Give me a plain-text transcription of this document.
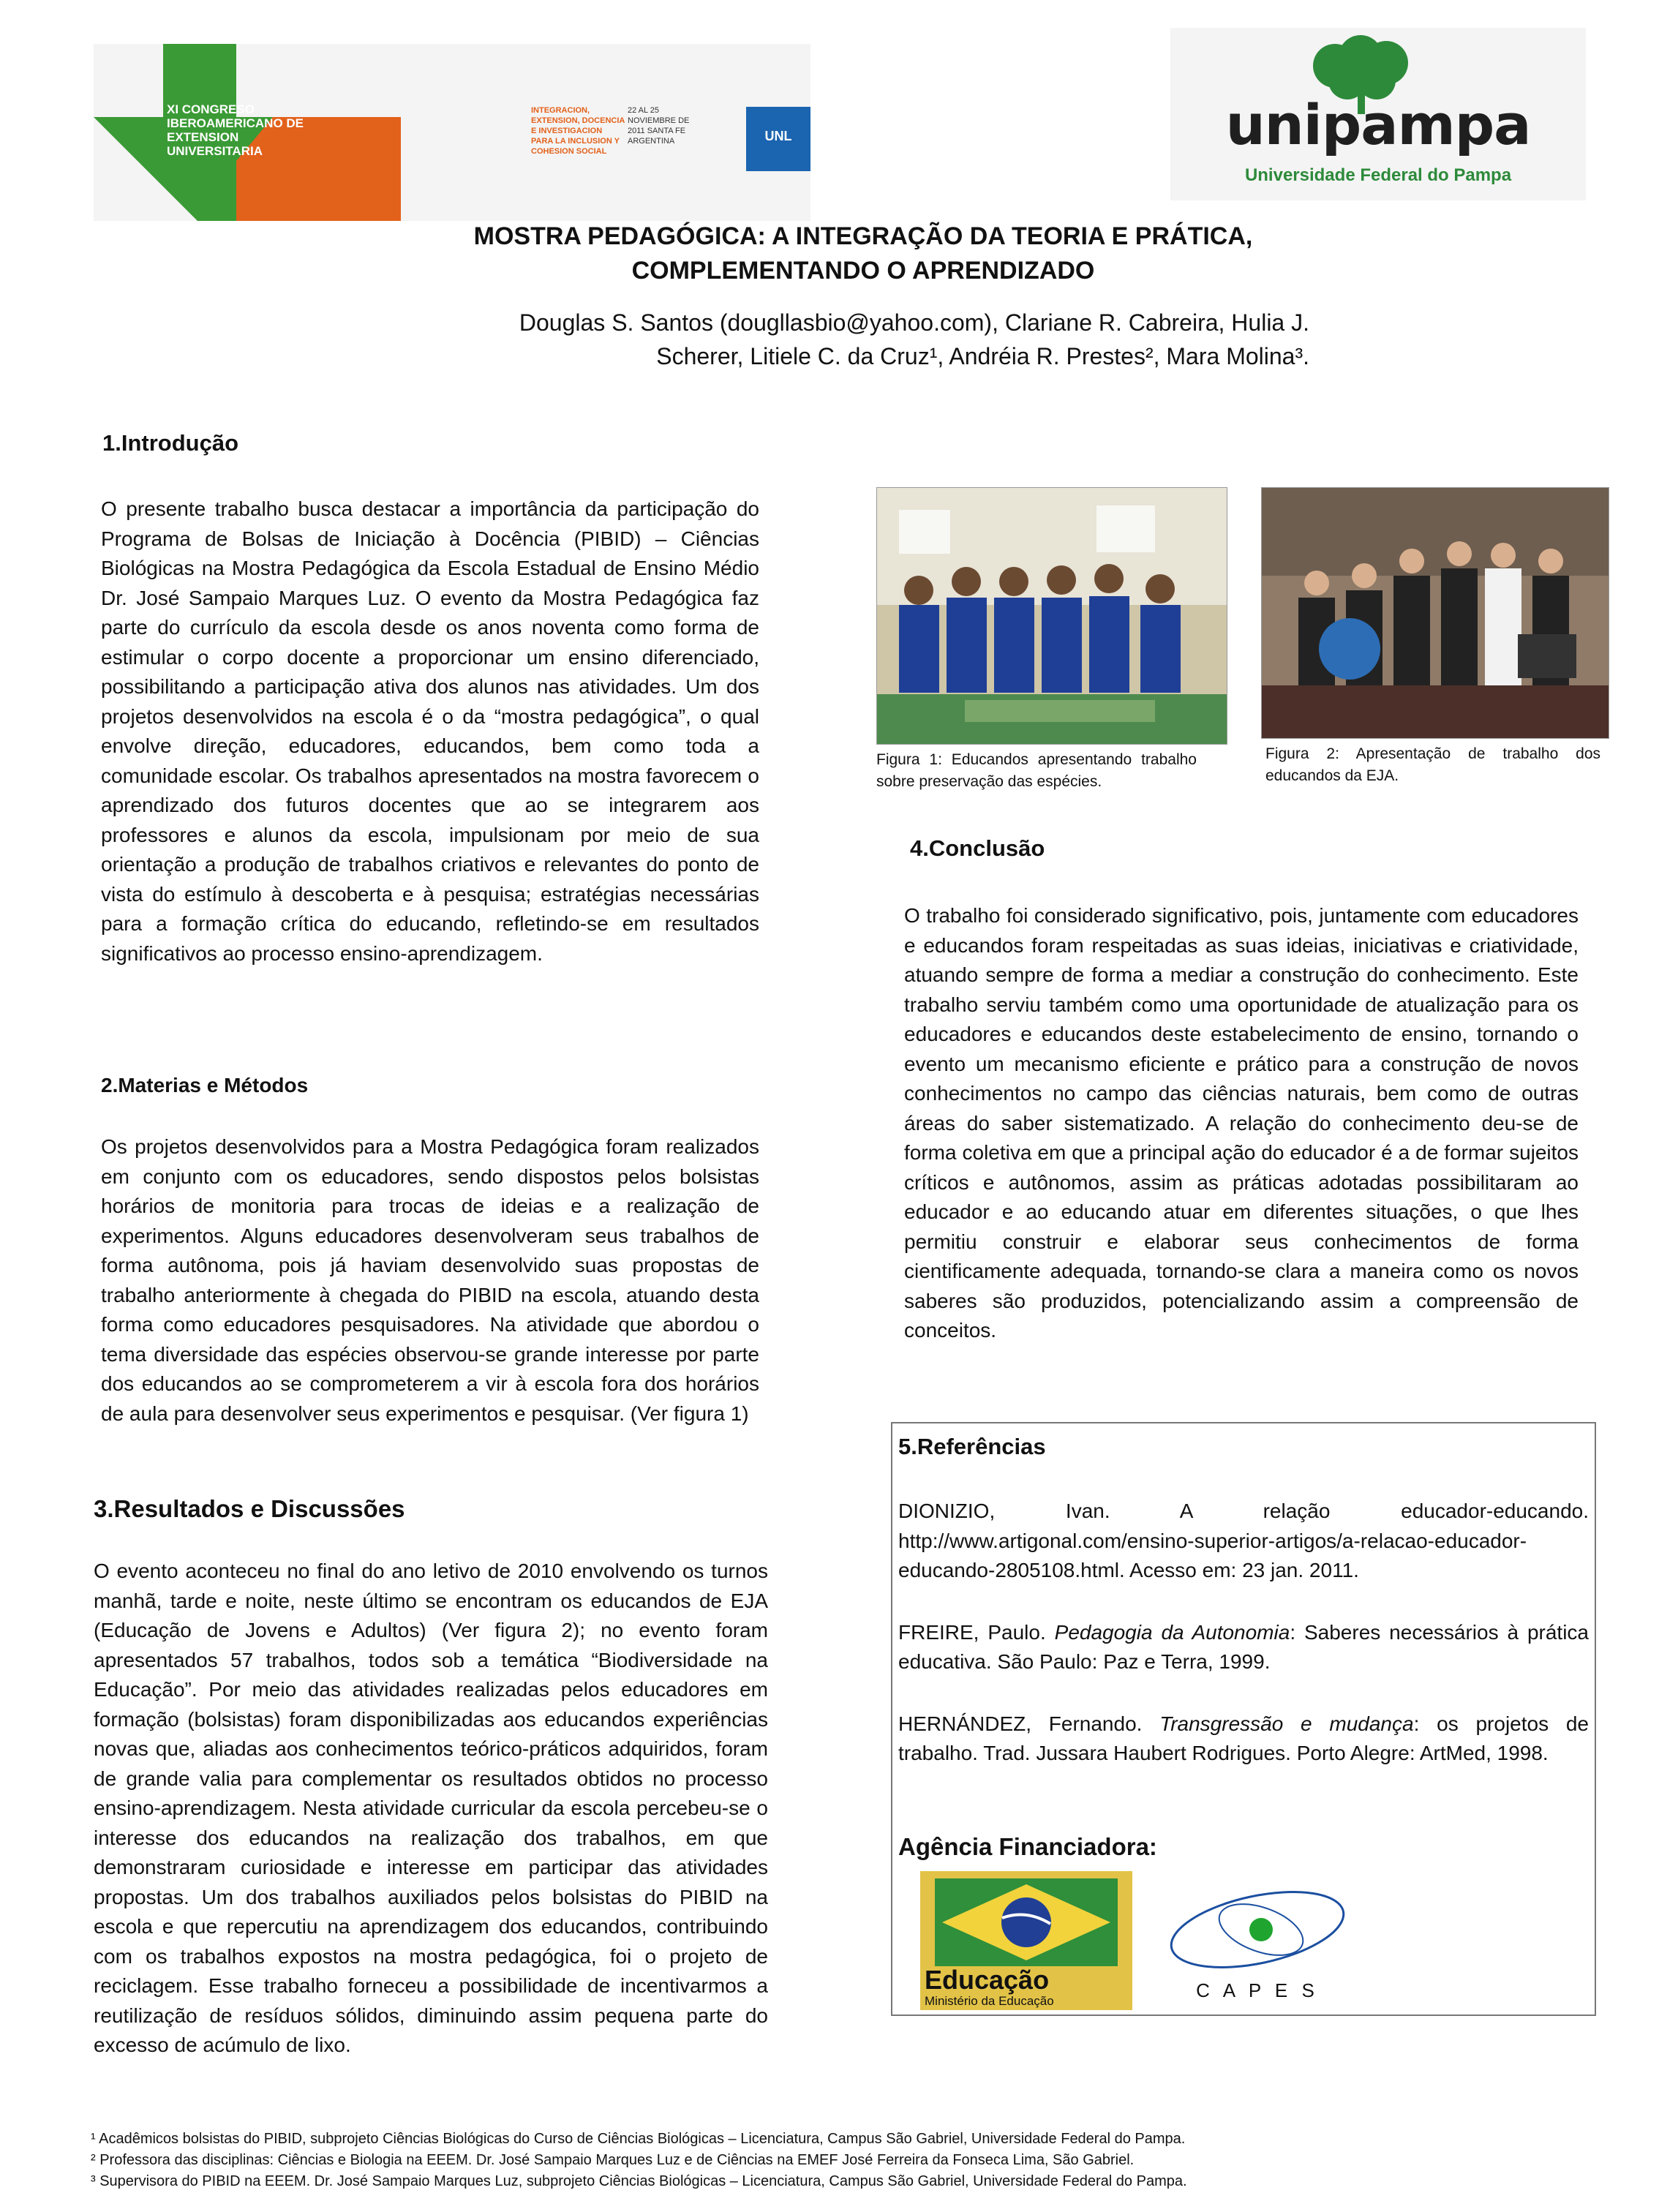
XI CONGRESO IBEROAMERICANO DE EXTENSION UNIVERSITARIA
INTEGRACION, EXTENSION, DOCENCIA E INVESTIGACION PARA LA INCLUSION Y COHESION SOCIAL
22 AL 25 NOVIEMBRE DE 2011 SANTA FE ARGENTINA	UNL	unipampa
Universidade Federal do Pampa
MOSTRA PEDAGÓGICA: A INTEGRAÇÃO DA TEORIA E PRÁTICA,
COMPLEMENTANDO O APRENDIZADO
Douglas S. Santos (dougllasbio@yahoo.com), Clariane R. Cabreira, Hulia J.
Scherer, Litiele C. da Cruz¹, Andréia R. Prestes², Mara Molina³.
1.Introdução
O presente trabalho busca destacar a importância da participação do Programa de Bolsas de Iniciação à Docência (PIBID) – Ciências Biológicas na Mostra Pedagógica da Escola Estadual de Ensino Médio Dr. José Sampaio Marques Luz. O evento da Mostra Pedagógica faz parte do currículo da escola desde os anos noventa como forma de estimular o corpo docente a proporcionar um ensino diferenciado, possibilitando a participação ativa dos alunos nas atividades. Um dos projetos desenvolvidos na escola é o da “mostra pedagógica”, o qual envolve direção, educadores, educandos, bem como toda a comunidade escolar. Os trabalhos apresentados na mostra favorecem o aprendizado dos futuros docentes que ao se integrarem aos professores e alunos da escola, impulsionam por meio de sua orientação a produção de trabalhos criativos e relevantes do ponto de vista do estímulo à descoberta e à pesquisa; estratégias necessárias para a formação crítica do educando, refletindo-se em resultados significativos ao processo ensino-aprendizagem.
2.Materias e Métodos
Os projetos desenvolvidos para a Mostra Pedagógica foram realizados em conjunto com os educadores, sendo dispostos pelos bolsistas horários de monitoria para trocas de ideias e a realização de experimentos. Alguns educadores desenvolveram seus trabalhos de forma autônoma, pois já haviam desenvolvido suas propostas de trabalho anteriormente à chegada do PIBID na escola, atuando desta forma como educadores pesquisadores. Na atividade que abordou o tema diversidade das espécies observou-se grande interesse por parte dos educandos ao se comprometerem a vir à escola fora dos horários de aula para desenvolver seus experimentos e pesquisar. (Ver figura 1)
3.Resultados e Discussões
O evento aconteceu no final do ano letivo de 2010 envolvendo os turnos manhã, tarde e noite, neste último se encontram os educandos de EJA (Educação de Jovens e Adultos) (Ver figura 2); no evento foram apresentados 57 trabalhos, todos sob a temática “Biodiversidade na Educação”. Por meio das atividades realizadas pelos educadores em formação (bolsistas) foram disponibilizadas aos educandos experiências novas que, aliadas aos conhecimentos teórico-práticos adquiridos, foram de grande valia para complementar os resultados obtidos no processo ensino-aprendizagem. Nesta atividade curricular da escola percebeu-se o interesse dos educandos na realização dos trabalhos, em que demonstraram curiosidade e interesse em participar das atividades propostas. Um dos trabalhos auxiliados pelos bolsistas do PIBID na escola e que repercutiu na aprendizagem dos educandos, contribuindo com os trabalhos expostos na mostra pedagógica, foi o projeto de reciclagem. Esse trabalho forneceu a possibilidade de incentivarmos a reutilização de resíduos sólidos, diminuindo assim pequena parte do excesso de acúmulo de lixo.
Figura 1: Educandos apresentando trabalho sobre preservação das espécies.
Figura 2: Apresentação de trabalho dos educandos da EJA.
4.Conclusão
O trabalho foi considerado significativo, pois, juntamente com educadores e educandos foram respeitadas as suas ideias, iniciativas e criatividade, atuando sempre de forma a mediar a construção do conhecimento. Este trabalho serviu também como uma oportunidade de atualização para os educadores e educandos deste estabelecimento de ensino, tornando o evento um mecanismo eficiente e prático para a construção de novos conhecimentos no campo das ciências naturais, bem como de outras áreas do saber sistematizado. A relação do conhecimento deu-se de forma coletiva em que a principal ação do educador é a de formar sujeitos críticos e autônomos, assim as práticas adotadas possibilitaram ao educador e ao educando atuar em diferentes situações, o que lhes permitiu construir e elaborar seus conhecimentos de forma cientificamente adequada, tornando-se clara a maneira como os novos saberes são produzidos, potencializando assim a compreensão de conceitos.
5.Referências

DIONIZIO, Ivan. A relação educador-educando. http://www.artigonal.com/ensino-superior-artigos/a-relacao-educador-educando-2805108.html. Acesso em: 23 jan. 2011.

FREIRE, Paulo. Pedagogia da Autonomia: Saberes necessários à prática educativa. São Paulo: Paz e Terra, 1999.

HERNÁNDEZ, Fernando. Transgressão e mudança: os projetos de trabalho. Trad. Jussara Haubert Rodrigues. Porto Alegre: ArtMed, 1998.

Agência Financiadora:
Educação
Ministério da Educação	C A P E S
¹ Acadêmicos bolsistas do PIBID, subprojeto Ciências Biológicas do Curso de Ciências Biológicas – Licenciatura, Campus São Gabriel, Universidade Federal do Pampa.
² Professora das disciplinas: Ciências e Biologia na EEEM. Dr. José Sampaio Marques Luz e de Ciências na EMEF José Ferreira da Fonseca Lima, São Gabriel.
³ Supervisora do PIBID na EEEM. Dr. José Sampaio Marques Luz, subprojeto Ciências Biológicas – Licenciatura, Campus São Gabriel, Universidade Federal do Pampa.
